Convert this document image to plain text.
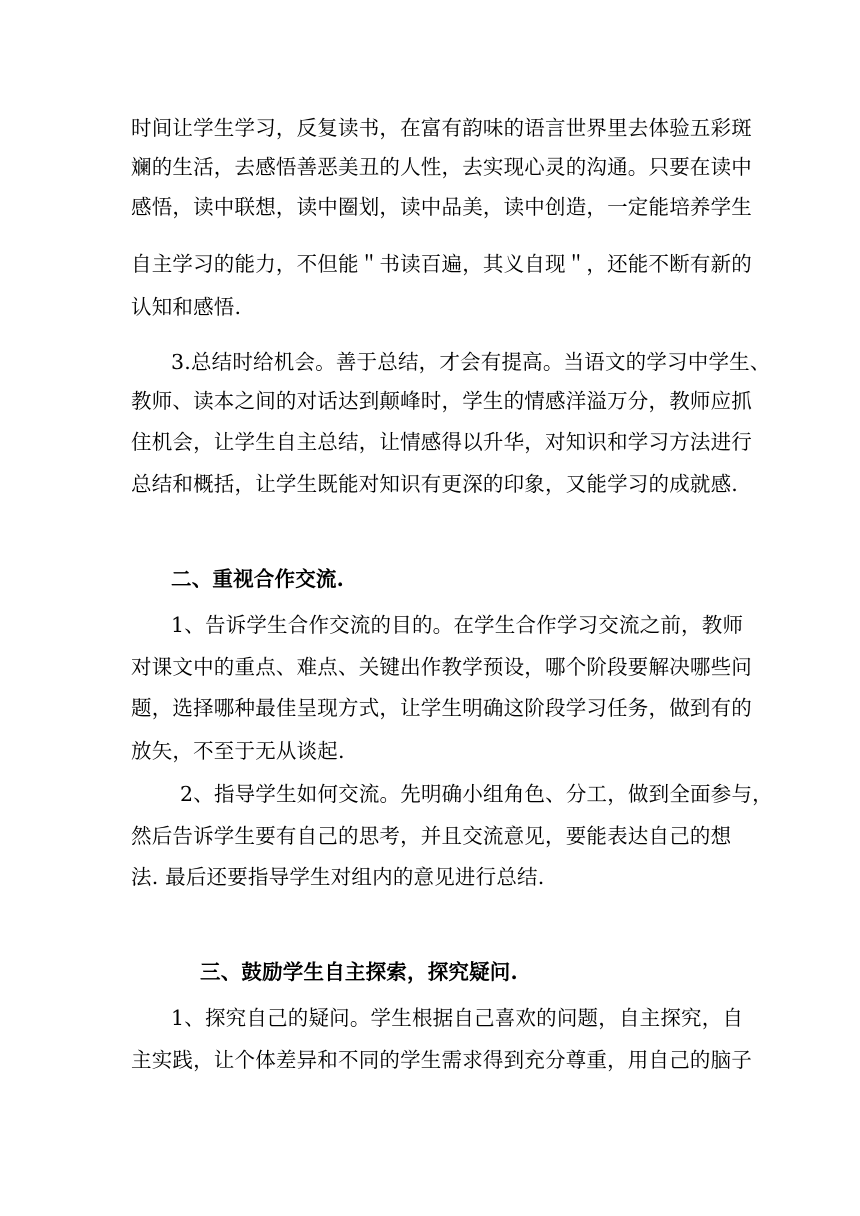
时间让学生学习，反复读书，在富有韵味的语言世界里去体验五彩斑
斓的生活，去感悟善恶美丑的人性，去实现心灵的沟通。只要在读中
感悟，读中联想，读中圈划，读中品美，读中创造，一定能培养学生
自主学习的能力，不但能＂书读百遍，其义自现＂，还能不断有新的
认知和感悟.
3.总结时给机会。善于总结，才会有提高。当语文的学习中学生、
教师、读本之间的对话达到颠峰时，学生的情感洋溢万分，教师应抓
住机会，让学生自主总结，让情感得以升华，对知识和学习方法进行
总结和概括，让学生既能对知识有更深的印象，又能学习的成就感.
二、重视合作交流.
1、告诉学生合作交流的目的。在学生合作学习交流之前，教师
对课文中的重点、难点、关键出作教学预设，哪个阶段要解决哪些问
题，选择哪种最佳呈现方式，让学生明确这阶段学习任务，做到有的
放矢，不至于无从谈起.
2、指导学生如何交流。先明确小组角色、分工，做到全面参与，
然后告诉学生要有自己的思考，并且交流意见，要能表达自己的想
法. 最后还要指导学生对组内的意见进行总结.
三、鼓励学生自主探索，探究疑问.
1、探究自己的疑问。学生根据自己喜欢的问题，自主探究，自
主实践，让个体差异和不同的学生需求得到充分尊重，用自己的脑子
